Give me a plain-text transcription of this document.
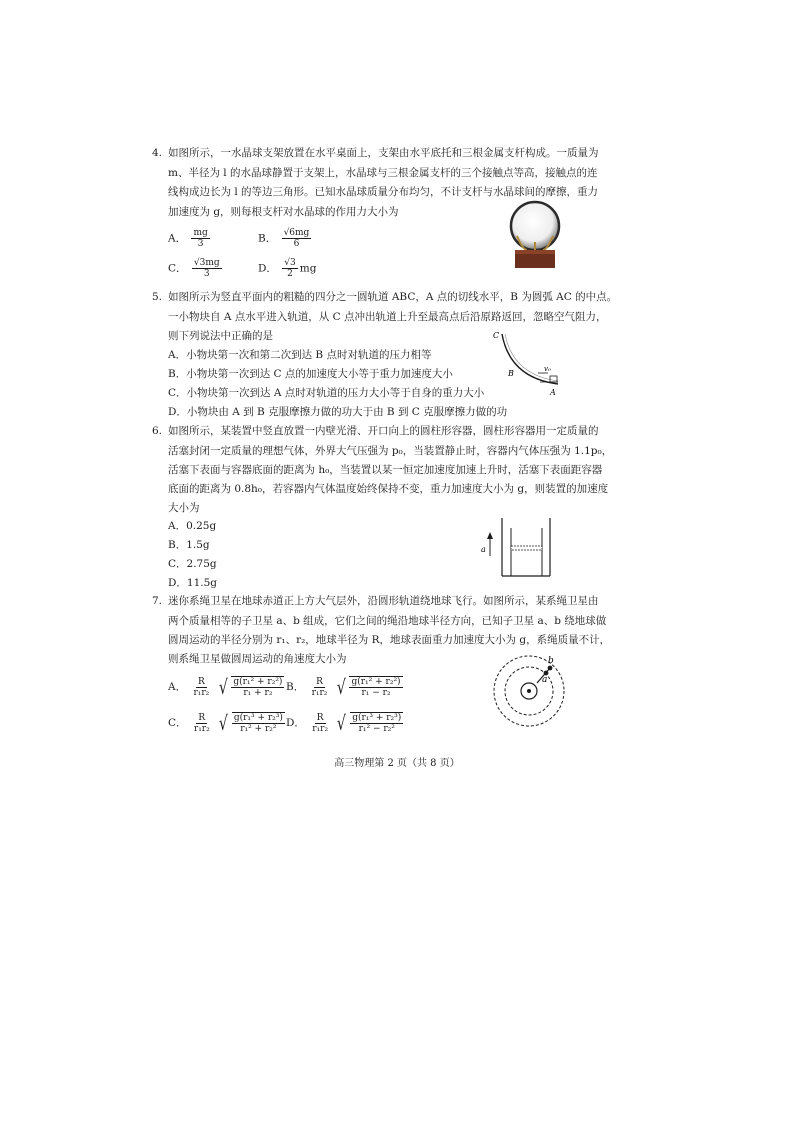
4. 如图所示，一水晶球支架放置在水平桌面上，支架由水平底托和三根金属支杆构成。一质量为
m、半径为 l 的水晶球静置于支架上，水晶球与三根金属支杆的三个接触点等高，接触点的连
线构成边长为 l 的等边三角形。已知水晶球质量分布均匀，不计支杆与水晶球间的摩擦，重力
加速度为 g，则每根支杆对水晶球的作用力大小为
A． $\frac{mg}{3}$	B． $\frac{√6mg}{6}$
C． $\frac{√3mg}{3}$	D． $\frac{√3}{2}$ mg
5. 如图所示为竖直平面内的粗糙的四分之一圆轨道 ABC，A 点的切线水平，B 为圆弧 AC 的中点。
一小物块自 A 点水平进入轨道，从 C 点冲出轨道上升至最高点后沿原路返回，忽略空气阻力，
则下列说法中正确的是
A．小物块第一次和第二次到达 B 点时对轨道的压力相等
B．小物块第一次到达 C 点的加速度大小等于重力加速度大小
C．小物块第一次到达 A 点时对轨道的压力大小等于自身的重力大小
D．小物块由 A 到 B 克服摩擦力做的功大于由 B 到 C 克服摩擦力做的功
C
B
A
v₀
6. 如图所示，某装置中竖直放置一内壁光滑、开口向上的圆柱形容器，圆柱形容器用一定质量的
活塞封闭一定质量的理想气体，外界大气压强为 p₀，当装置静止时，容器内气体压强为 1.1p₀，
活塞下表面与容器底面的距离为 h₀，当装置以某一恒定加速度加速上升时，活塞下表面距容器
底面的距离为 0.8h₀，若容器内气体温度始终保持不变，重力加速度大小为 g，则装置的加速度
大小为
A．0.25g
B．1.5g
C．2.75g
D．11.5g
a
7. 迷你系绳卫星在地球赤道正上方大气层外，沿圆形轨道绕地球飞行。如图所示，某系绳卫星由
两个质量相等的子卫星 a、b 组成，它们之间的绳沿地球半径方向，已知子卫星 a、b 绕地球做
圆周运动的半径分别为 r₁、r₂，地球半径为 R，地球表面重力加速度大小为 g，系绳质量不计，
则系绳卫星做圆周运动的角速度大小为
A． $\frac{R}{\text{r₁r₂}}$
√ $\frac{\text{g(r₁² + r₂²)}}{\text{r₁ + r₂}}$ B． $\frac{R}{\text{r₁r₂}}$
√ $\frac{\text{g(r₁² + r₂²)}}{\text{r₁ − r₂}}$
C． $\frac{R}{\text{r₁r₂}}$
√ $\frac{\text{g(r₁³ + r₂³)}}{\text{r₁² + r₂²}}$ D． $\frac{R}{\text{r₁r₂}}$
√ $\frac{\text{g(r₁³ + r₂³)}}{\text{r₁² − r₂²}}$
b
a
高三物理第 2 页（共 8 页）
